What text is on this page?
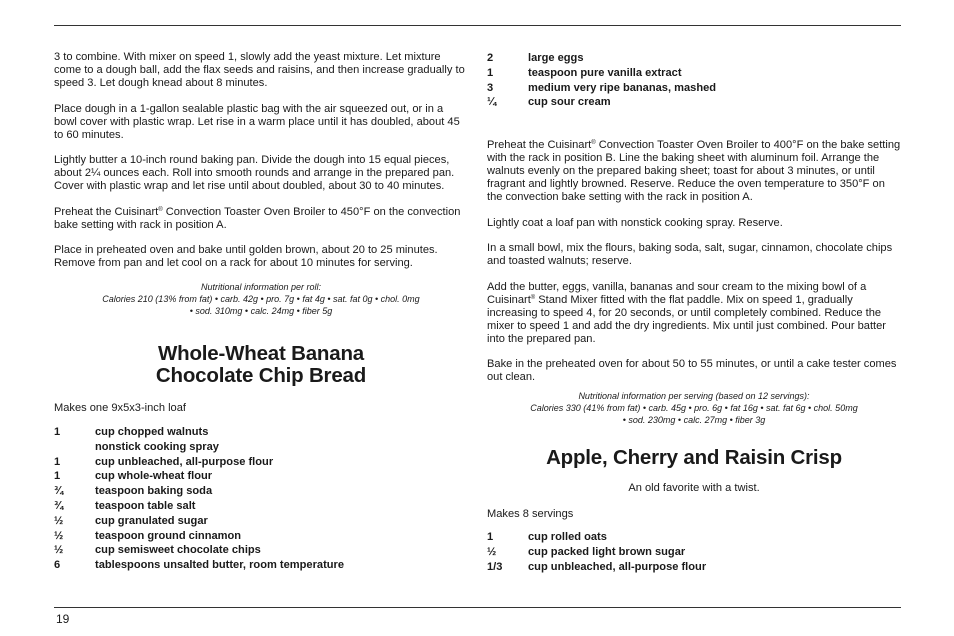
3 to combine. With mixer on speed 1, slowly add the yeast mixture. Let mixture come to a dough ball, add the flax seeds and raisins, and then increase gradually to speed 3. Let dough knead about 8 minutes.

Place dough in a 1-gallon sealable plastic bag with the air squeezed out, or in a bowl cover with plastic wrap. Let rise in a warm place until it has doubled, about 45 to 60 minutes.

Lightly butter a 10-inch round baking pan. Divide the dough into 15 equal pieces, about 2¼ ounces each. Roll into smooth rounds and arrange in the prepared pan. Cover with plastic wrap and let rise until about doubled, about 30 to 40 minutes.

Preheat the Cuisinart® Convection Toaster Oven Broiler to 450°F on the convection bake setting with rack in position A.

Place in preheated oven and bake until golden brown, about 20 to 25 minutes. Remove from pan and let cool on a rack for about 10 minutes for serving.

Nutritional information per roll:

Calories 210 (13% from fat) • carb. 42g • pro. 7g • fat 4g • sat. fat 0g • chol. 0mg

• sod. 310mg • calc. 24mg • fiber 5g

Whole-Wheat Banana
Chocolate Chip Bread

Makes one 9x5x3-inch loaf

1	cup chopped walnuts
nonstick cooking spray
1	cup unbleached, all-purpose flour
1	cup whole-wheat flour
¾	teaspoon baking soda
¾	teaspoon table salt
½	cup granulated sugar
½	teaspoon ground cinnamon
½	cup semisweet chocolate chips
6	tablespoons unsalted butter, room temperature
2	large eggs
1	teaspoon pure vanilla extract
3	medium very ripe bananas, mashed
¼	cup sour cream

Preheat the Cuisinart® Convection Toaster Oven Broiler to 400°F on the bake setting with the rack in position B. Line the baking sheet with aluminum foil. Arrange the walnuts evenly on the prepared baking sheet; toast for about 3 minutes, or until fragrant and lightly browned. Reserve. Reduce the oven temperature to 350°F on the convection bake setting with the rack in position A.

Lightly coat a loaf pan with nonstick cooking spray. Reserve.

In a small bowl, mix the flours, baking soda, salt, sugar, cinnamon, chocolate chips and toasted walnuts; reserve.

Add the butter, eggs, vanilla, bananas and sour cream to the mixing bowl of a Cuisinart® Stand Mixer fitted with the flat paddle. Mix on speed 1, gradually increasing to speed 4, for 20 seconds, or until completely combined. Reduce the mixer to speed 1 and add the dry ingredients. Mix until just combined. Pour batter into the prepared pan.

Bake in the preheated oven for about 50 to 55 minutes, or until a cake tester comes out clean.

Nutritional information per serving (based on 12 servings):

Calories 330 (41% from fat) • carb. 45g • pro. 6g • fat 16g • sat. fat 6g • chol. 50mg

• sod. 230mg • calc. 27mg • fiber 3g

Apple, Cherry and Raisin Crisp

An old favorite with a twist.

Makes 8 servings

1	cup rolled oats
½	cup packed light brown sugar
1/3	cup unbleached, all-purpose flour
19
